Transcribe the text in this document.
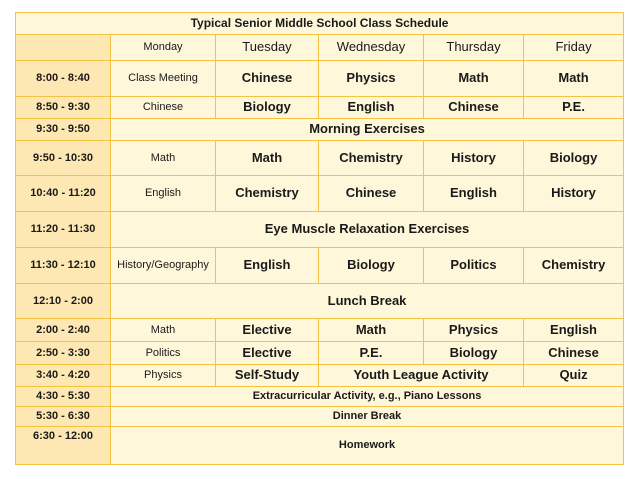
Typical Senior Middle School Class Schedule					
	Monday	Tuesday	Wednesday	Thursday	Friday
8:00 - 8:40	Class Meeting	Chinese	Physics	Math	Math
8:50 - 9:30	Chinese	Biology	English	Chinese	P.E.
9:30 - 9:50	Morning Exercises				
9:50 - 10:30	Math	Math	Chemistry	History	Biology
10:40 - 11:20	English	Chemistry	Chinese	English	History
11:20 - 11:30	Eye Muscle Relaxation Exercises				
11:30 - 12:10	History/Geography	English	Biology	Politics	Chemistry
12:10 - 2:00	Lunch Break				
2:00 - 2:40	Math	Elective	Math	Physics	English
2:50 - 3:30	Politics	Elective	P.E.	Biology	Chinese
3:40 - 4:20	Physics	Self-Study	Youth League Activity		Quiz
4:30 - 5:30	Extracurricular Activity, e.g., Piano Lessons				
5:30 - 6:30	Dinner Break				
6:30 - 12:00	Homework				
